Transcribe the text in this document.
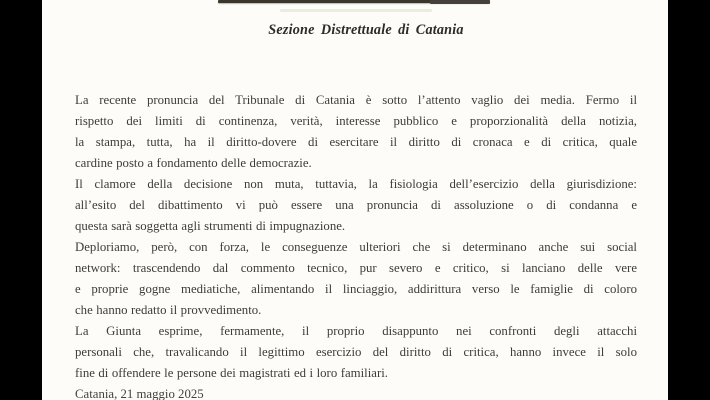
Sezione Distrettuale di Catania
La recente pronuncia del Tribunale di Catania è sotto l’attento vaglio dei media. Fermo il
rispetto dei limiti di continenza, verità, interesse pubblico e proporzionalità della notizia,
la stampa, tutta, ha il diritto-dovere di esercitare il diritto di cronaca e di critica, quale
cardine posto a fondamento delle democrazie.
Il clamore della decisione non muta, tuttavia, la fisiologia dell’esercizio della giurisdizione:
all’esito del dibattimento vi può essere una pronuncia di assoluzione o di condanna e
questa sarà soggetta agli strumenti di impugnazione.
Deploriamo, però, con forza, le conseguenze ulteriori che si determinano anche sui social
network: trascendendo dal commento tecnico, pur severo e critico, si lanciano delle vere
e proprie gogne mediatiche, alimentando il linciaggio, addirittura verso le famiglie di coloro
che hanno redatto il provvedimento.
La Giunta esprime, fermamente, il proprio disappunto nei confronti degli attacchi
personali che, travalicando il legittimo esercizio del diritto di critica, hanno invece il solo
fine di offendere le persone dei magistrati ed i loro familiari.
Catania, 21 maggio 2025
